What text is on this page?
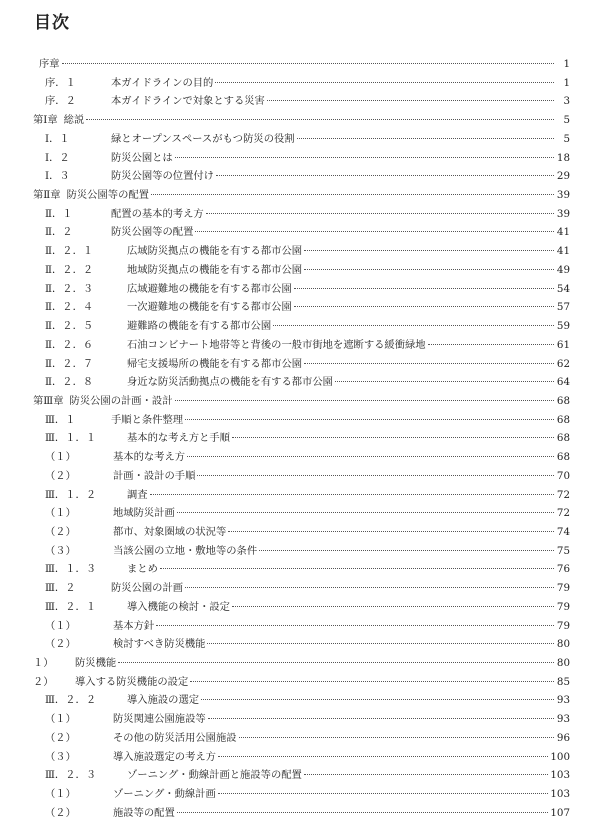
目次
序章	1
序．１	本ガイドラインの目的	1
序．２	本ガイドラインで対象とする災害	3
第Ⅰ章 総説	5
Ⅰ．１	緑とオープンスペースがもつ防災の役割	5
Ⅰ．２	防災公園とは	18
Ⅰ．３	防災公園等の位置付け	29
第Ⅱ章 防災公園等の配置	39
Ⅱ．１	配置の基本的考え方	39
Ⅱ．２	防災公園等の配置	41
Ⅱ．２．１	広域防災拠点の機能を有する都市公園	41
Ⅱ．２．２	地域防災拠点の機能を有する都市公園	49
Ⅱ．２．３	広域避難地の機能を有する都市公園	54
Ⅱ．２．４	一次避難地の機能を有する都市公園	57
Ⅱ．２．５	避難路の機能を有する都市公園	59
Ⅱ．２．６	石油コンビナート地帯等と背後の一般市街地を遮断する緩衝緑地	61
Ⅱ．２．７	帰宅支援場所の機能を有する都市公園	62
Ⅱ．２．８	身近な防災活動拠点の機能を有する都市公園	64
第Ⅲ章 防災公園の計画・設計	68
Ⅲ．１	手順と条件整理	68
Ⅲ．１．１	基本的な考え方と手順	68
（１）	基本的な考え方	68
（２）	計画・設計の手順	70
Ⅲ．１．２	調査	72
（１）	地域防災計画	72
（２）	都市、対象圏域の状況等	74
（３）	当該公園の立地・敷地等の条件	75
Ⅲ．１．３	まとめ	76
Ⅲ．２	防災公園の計画	79
Ⅲ．２．１	導入機能の検討・設定	79
（１）	基本方針	79
（２）	検討すべき防災機能	80
１）	防災機能	80
２）	導入する防災機能の設定	85
Ⅲ．２．２	導入施設の選定	93
（１）	防災関連公園施設等	93
（２）	その他の防災活用公園施設	96
（３）	導入施設選定の考え方	100
Ⅲ．２．３	ゾーニング・動線計画と施設等の配置	103
（１）	ゾーニング・動線計画	103
（２）	施設等の配置	107
